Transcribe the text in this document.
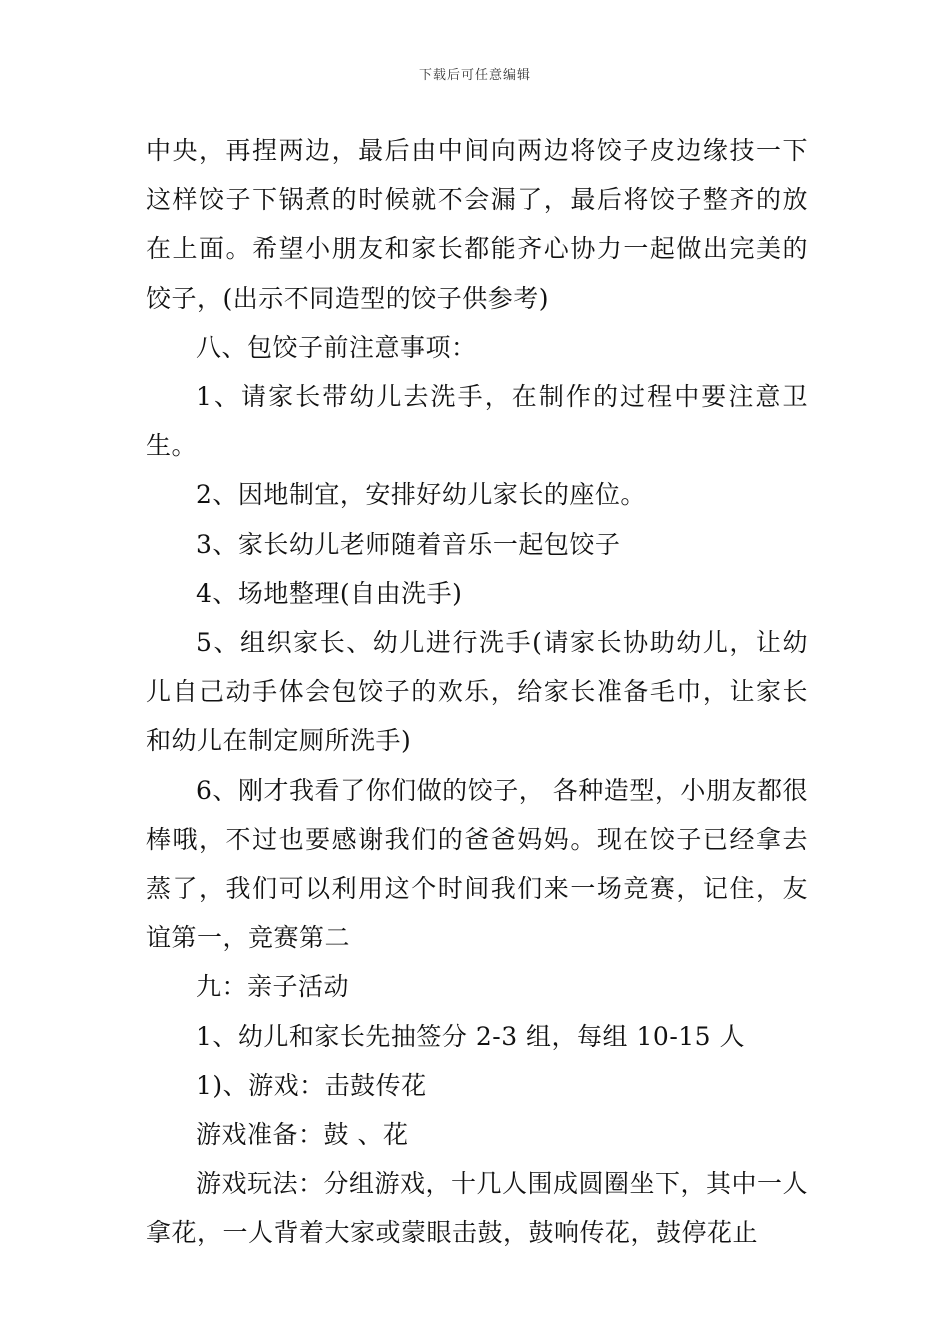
下载后可任意编辑

中央，再捏两边，最后由中间向两边将饺子皮边缘技一下这样饺子下锅煮的时候就不会漏了，最后将饺子整齐的放在上面。希望小朋友和家长都能齐心协力一起做出完美的饺子，(出示不同造型的饺子供参考)

八、包饺子前注意事项：

1、请家长带幼儿去洗手，在制作的过程中要注意卫生。

2、因地制宜，安排好幼儿家长的座位。

3、家长幼儿老师随着音乐一起包饺子

4、场地整理(自由洗手)

5、组织家长、幼儿进行洗手(请家长协助幼儿，让幼儿自己动手体会包饺子的欢乐，给家长准备毛巾，让家长和幼儿在制定厕所洗手)

6、刚才我看了你们做的饺子， 各种造型，小朋友都很棒哦，不过也要感谢我们的爸爸妈妈。现在饺子已经拿去蒸了，我们可以利用这个时间我们来一场竞赛，记住，友谊第一，竞赛第二

九：亲子活动

1、幼儿和家长先抽签分 2-3 组，每组 10-15 人

1)、游戏：击鼓传花

游戏准备：鼓 、花

游戏玩法：分组游戏，十几人围成圆圈坐下，其中一人拿花，一人背着大家或蒙眼击鼓，鼓响传花，鼓停花止
